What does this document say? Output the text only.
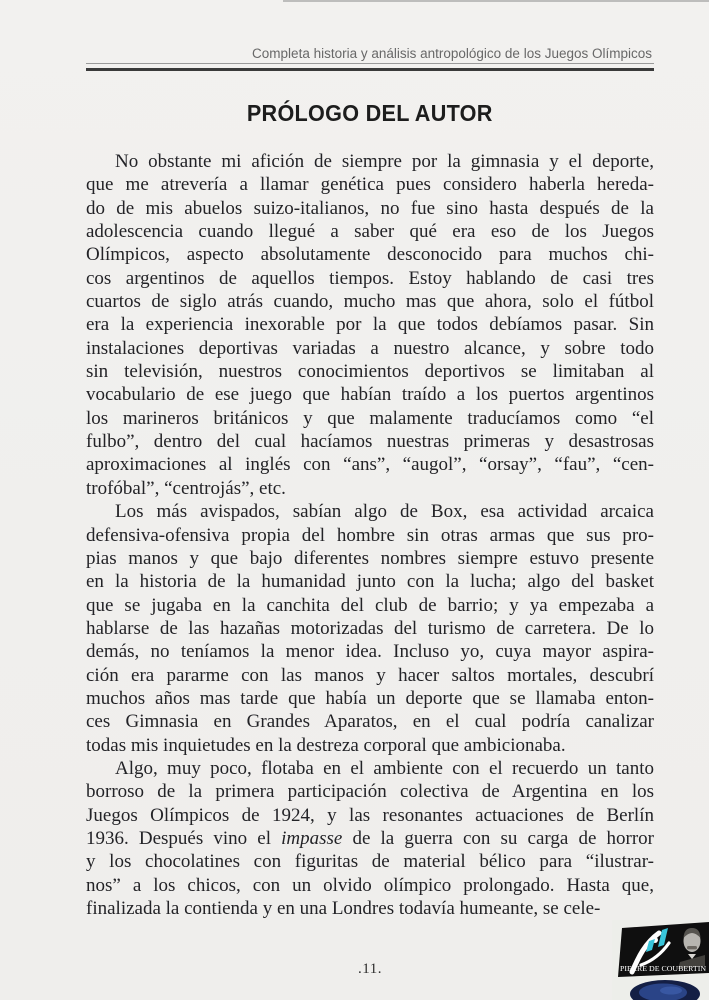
Completa historia y análisis antropológico de los Juegos Olímpicos
PRÓLOGO DEL AUTOR
No obstante mi afición de siempre por la gimnasia y el deporte,
que me atrevería a llamar genética pues considero haberla hereda-
do de mis abuelos suizo-italianos, no fue sino hasta después de la
adolescencia cuando llegué a saber qué era eso de los Juegos
Olímpicos, aspecto absolutamente desconocido para muchos chi-
cos argentinos de aquellos tiempos. Estoy hablando de casi tres
cuartos de siglo atrás cuando, mucho mas que ahora, solo el fútbol
era la experiencia inexorable por la que todos debíamos pasar. Sin
instalaciones deportivas variadas a nuestro alcance, y sobre todo
sin televisión, nuestros conocimientos deportivos se limitaban al
vocabulario de ese juego que habían traído a los puertos argentinos
los marineros británicos y que malamente traducíamos como “el
fulbo”, dentro del cual hacíamos nuestras primeras y desastrosas
aproximaciones al inglés con “ans”, “augol”, “orsay”, “fau”, “cen-
trofóbal”, “centrojás”, etc.
Los más avispados, sabían algo de Box, esa actividad arcaica
defensiva-ofensiva propia del hombre sin otras armas que sus pro-
pias manos y que bajo diferentes nombres siempre estuvo presente
en la historia de la humanidad junto con la lucha; algo del basket
que se jugaba en la canchita del club de barrio; y ya empezaba a
hablarse de las hazañas motorizadas del turismo de carretera. De lo
demás, no teníamos la menor idea. Incluso yo, cuya mayor aspira-
ción era pararme con las manos y hacer saltos mortales, descubrí
muchos años mas tarde que había un deporte que se llamaba enton-
ces Gimnasia en Grandes Aparatos, en el cual podría canalizar
todas mis inquietudes en la destreza corporal que ambicionaba.
Algo, muy poco, flotaba en el ambiente con el recuerdo un tanto
borroso de la primera participación colectiva de Argentina en los
Juegos Olímpicos de 1924, y las resonantes actuaciones de Berlín
1936. Después vino el impasse de la guerra con su carga de horror
y los chocolatines con figuritas de material bélico para “ilustrar-
nos” a los chicos, con un olvido olímpico prolongado. Hasta que,
finalizada la contienda y en una Londres todavía humeante, se cele-
.11.	PIERRE DE COUBERTIN
